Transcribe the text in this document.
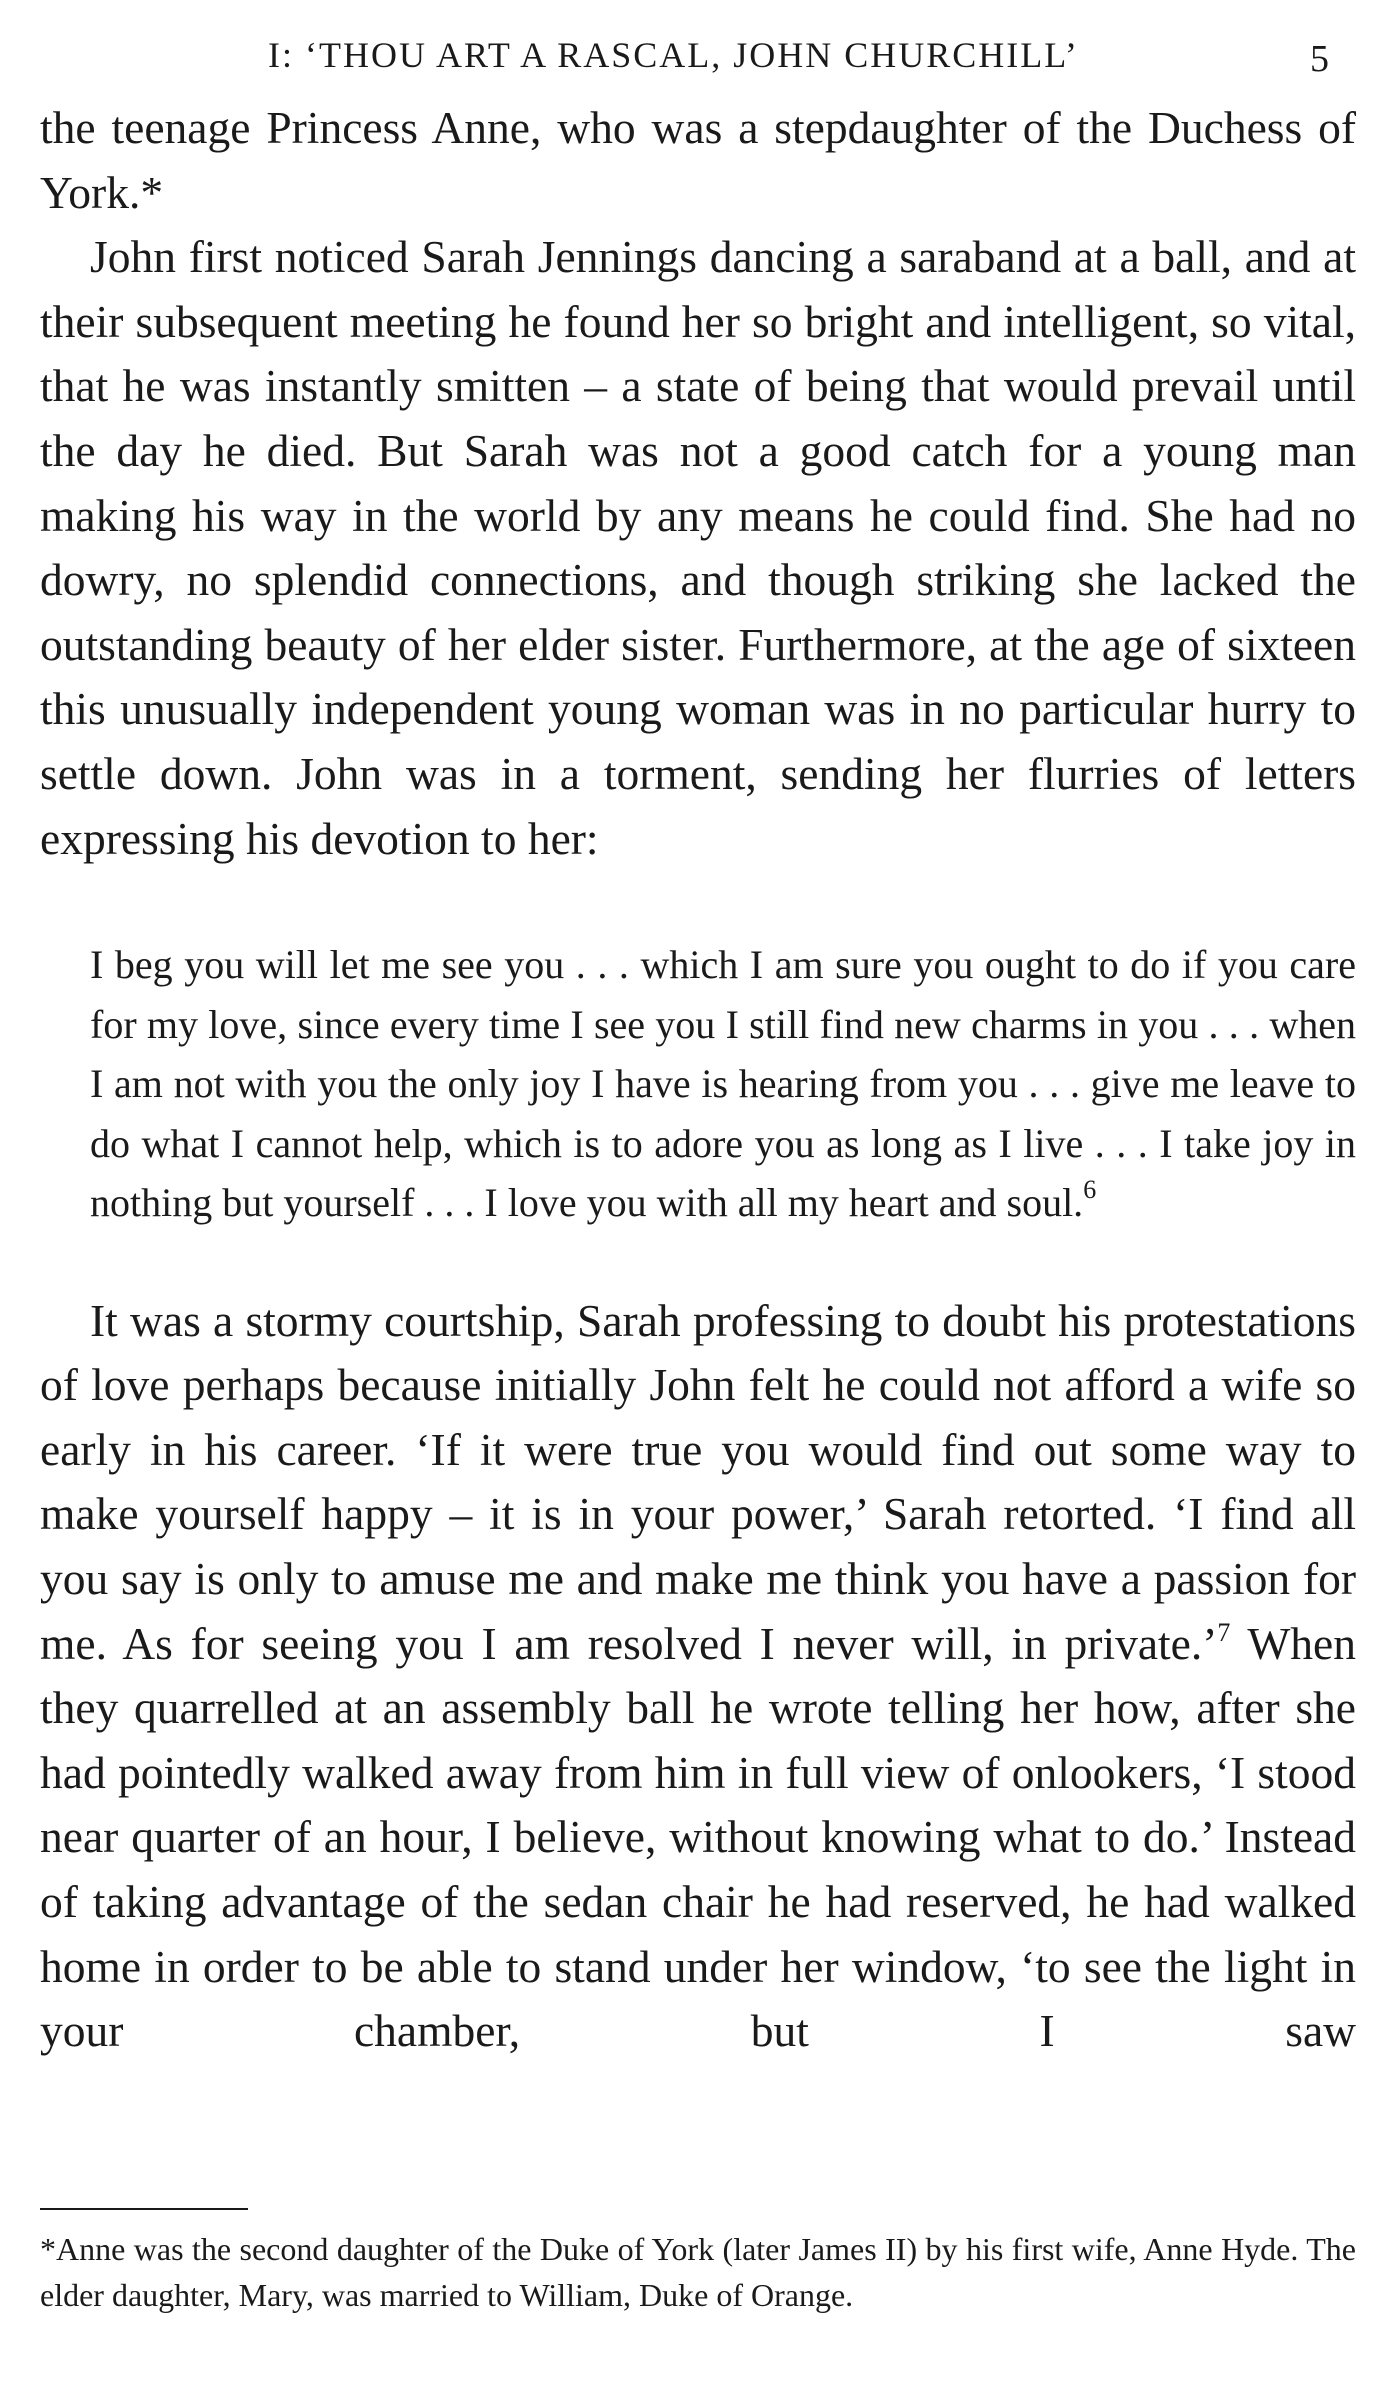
I: ‘THOU ART A RASCAL, JOHN CHURCHILL’	5

the teenage Princess Anne, who was a stepdaughter of the Duchess of York.*

John first noticed Sarah Jennings dancing a saraband at a ball, and at their subsequent meeting he found her so bright and intelligent, so vital, that he was instantly smitten – a state of being that would prevail until the day he died. But Sarah was not a good catch for a young man making his way in the world by any means he could find. She had no dowry, no splendid connections, and though striking she lacked the outstanding beauty of her elder sister. Furthermore, at the age of sixteen this unusually independent young woman was in no particular hurry to settle down. John was in a torment, sending her flurries of letters expressing his devotion to her:

I beg you will let me see you . . . which I am sure you ought to do if you care for my love, since every time I see you I still find new charms in you . . . when I am not with you the only joy I have is hearing from you . . . give me leave to do what I cannot help, which is to adore you as long as I live . . . I take joy in nothing but yourself . . . I love you with all my heart and soul.$^6$

It was a stormy courtship, Sarah professing to doubt his protestations of love perhaps because initially John felt he could not afford a wife so early in his career. ‘If it were true you would find out some way to make yourself happy – it is in your power,’ Sarah retorted. ‘I find all you say is only to amuse me and make me think you have a passion for me. As for seeing you I am resolved I never will, in private.’$^7$ When they quarrelled at an assembly ball he wrote telling her how, after she had pointedly walked away from him in full view of onlookers, ‘I stood near quarter of an hour, I believe, without knowing what to do.’ Instead of taking advantage of the sedan chair he had reserved, he had walked home in order to be able to stand under her window, ‘to see the light in your chamber, but I saw

*Anne was the second daughter of the Duke of York (later James II) by his first wife, Anne Hyde. The elder daughter, Mary, was married to William, Duke of Orange.
